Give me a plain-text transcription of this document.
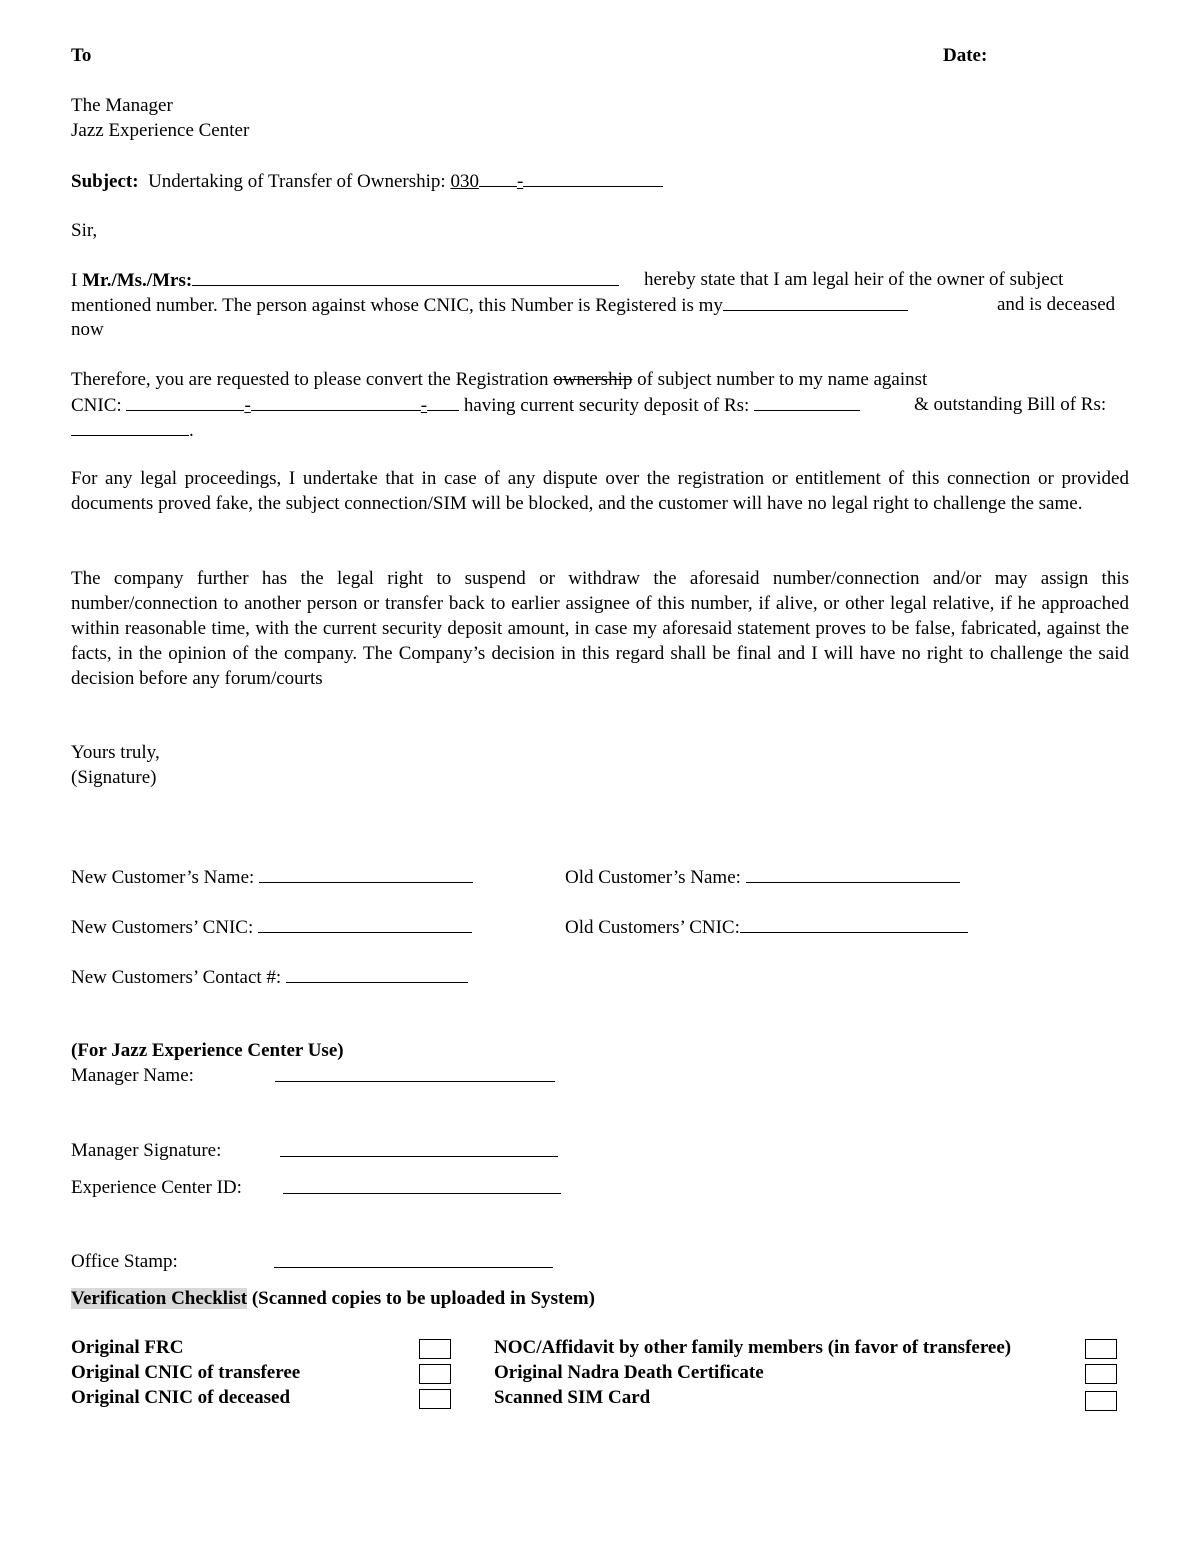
To	Date:
The Manager
Jazz Experience Center
Subject: Undertaking of Transfer of Ownership: 030 -
Sir,
I Mr./Ms./Mrs:	hereby state that I am legal heir of the owner of subject
mentioned number. The person against whose CNIC, this Number is Registered is my	and is deceased
now
Therefore, you are requested to please convert the Registration ownership of subject number to my name against
CNIC:	-	- having current security deposit of Rs:	& outstanding Bill of Rs:
.
For any legal proceedings, I undertake that in case of any dispute over the registration or entitlement of this connection or provided documents proved fake, the subject connection/SIM will be blocked, and the customer will have no legal right to challenge the same.
The company further has the legal right to suspend or withdraw the aforesaid number/connection and/or may assign this number/connection to another person or transfer back to earlier assignee of this number, if alive, or other legal relative, if he approached within reasonable time, with the current security deposit amount, in case my aforesaid statement proves to be false, fabricated, against the facts, in the opinion of the company. The Company’s decision in this regard shall be final and I will have no right to challenge the said decision before any forum/courts
Yours truly,
(Signature)
New Customer’s Name:	Old Customer’s Name:
New Customers’ CNIC:	Old Customers’ CNIC:
New Customers’ Contact #:
(For Jazz Experience Center Use)
Manager Name:
Manager Signature:
Experience Center ID:
Office Stamp:
Verification Checklist (Scanned copies to be uploaded in System)
Original FRC
Original CNIC of transferee
Original CNIC of deceased
NOC/Affidavit by other family members (in favor of transferee)
Original Nadra Death Certificate
Scanned SIM Card
